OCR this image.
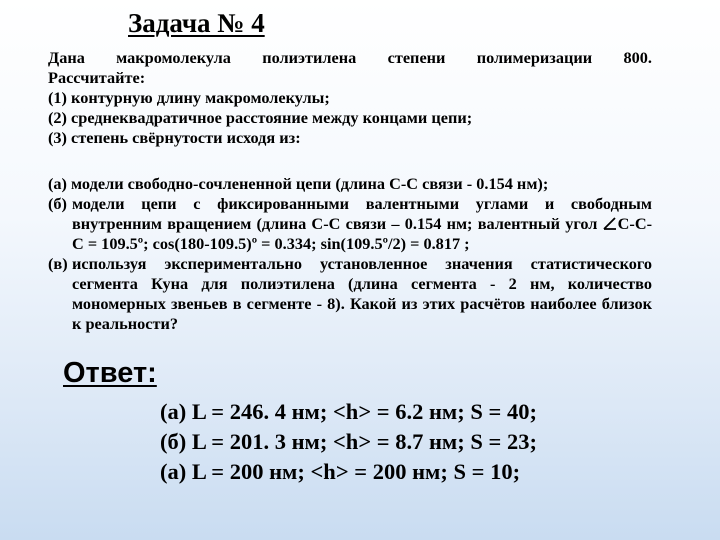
Задача № 4
Дана макромолекула полиэтилена степени полимеризации 800.
Рассчитайте:
(1) контурную длину макромолекулы;
(2) среднеквадратичное расстояние между концами цепи;
(3) степень свёрнутости исходя из:
(а) модели свободно-сочлененной цепи (длина C-C связи - 0.154 нм);
(б) модели цепи с фиксированными валентными углами и свободным внутренним вращением (длина C-C связи – 0.154 нм; валентный угол C-C-C = 109.5º; cos(180-109.5)º = 0.334; sin(109.5º/2) = 0.817 ;
(в) используя экспериментально установленное значения статистического сегмента Куна для полиэтилена (длина сегмента - 2 нм, количество мономерных звеньев в сегменте - 8). Какой из этих расчётов наиболее близок к реальности?
Ответ:
(а) L = 246. 4 нм; <h> = 6.2 нм; S = 40;
(б) L = 201. 3 нм; <h> = 8.7 нм; S = 23;
(а) L = 200 нм; <h> = 200 нм; S = 10;
